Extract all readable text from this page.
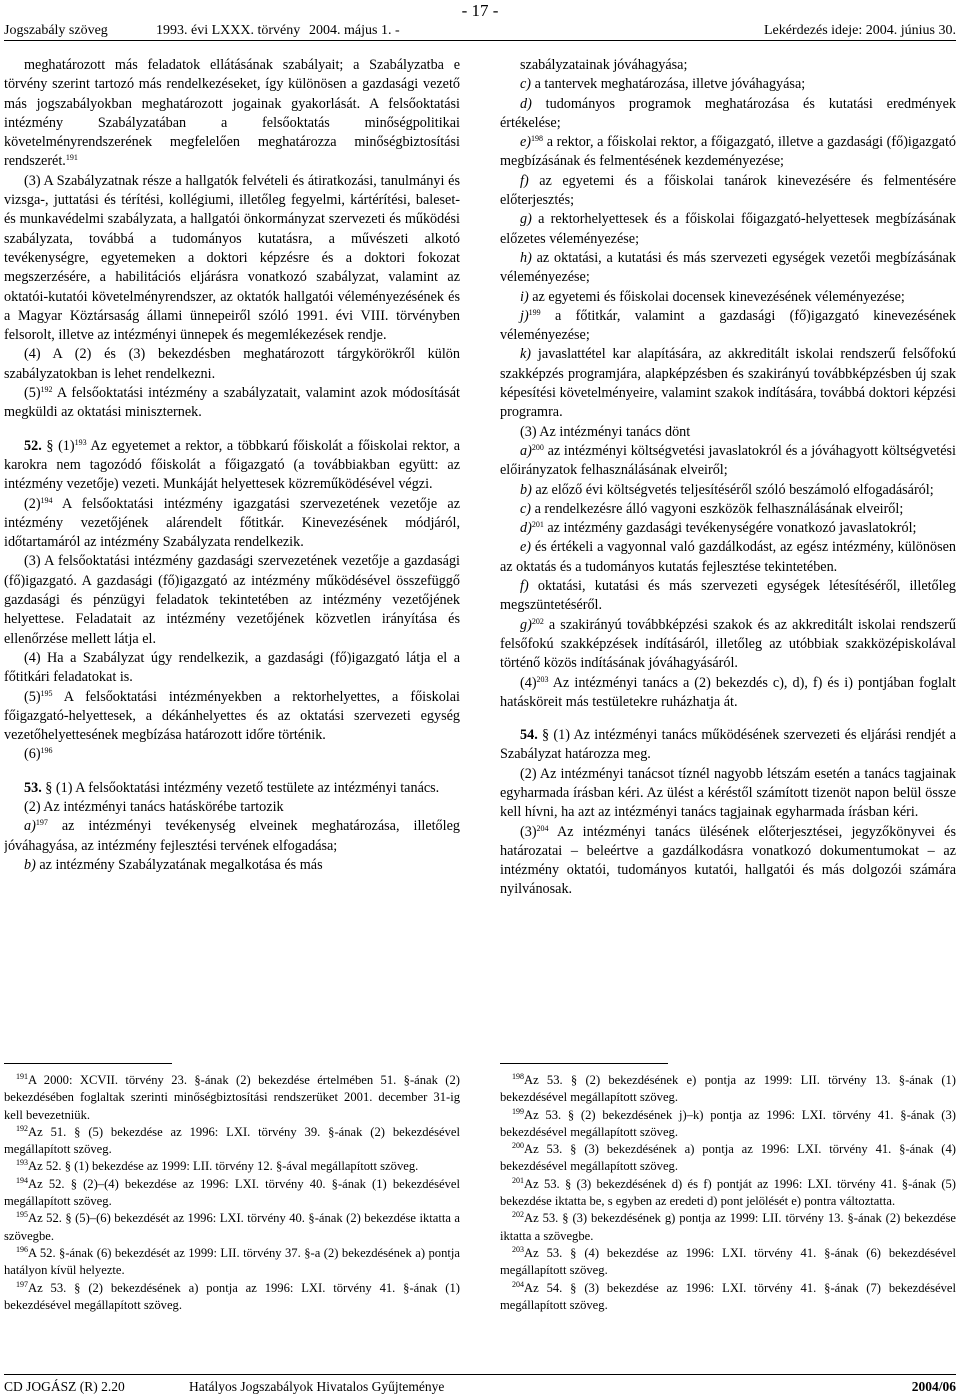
- 17 -
Jogszabály szöveg	1993. évi LXXX. törvény 2004. május 1. -	Lekérdezés ideje: 2004. június 30.

meghatározott más feladatok ellátásának szabályait; a Szabályzatba e törvény szerint tartozó más rendelkezéseket, így különösen a gazdasági vezető más jogszabályokban meghatározott jogainak gyakorlását. A felsőoktatási intézmény Szabályzatában a felsőoktatás minőségpolitikai követelményrendszerének megfelelően meghatározza minőségbiztosítási rendszerét.$^{191}$

(3) A Szabályzatnak része a hallgatók felvételi és átiratkozási, tanulmányi és vizsga-, juttatási és térítési, kollégiumi, illetőleg fegyelmi, kártérítési, baleset- és munkavédelmi szabályzata, a hallgatói önkormányzat szervezeti és működési szabályzata, továbbá a tudományos kutatásra, a művészeti alkotó tevékenységre, egyetemeken a doktori képzésre és a doktori fokozat megszerzésére, a habilitációs eljárásra vonatkozó szabályzat, valamint az oktatói-kutatói követelményrendszer, az oktatók hallgatói véleményezésének és a Magyar Köztársaság állami ünnepeiről szóló 1991. évi VIII. törvényben felsorolt, illetve az intézményi ünnepek és megemlékezések rendje.

(4) A (2) és (3) bekezdésben meghatározott tárgykörökről külön szabályzatokban is lehet rendelkezni.

$(5)^{192}$ A felsőoktatási intézmény a szabályzatait, valamint azok módosítását megküldi az oktatási miniszternek.

52. § $(1)^{193}$ Az egyetemet a rektor, a többkarú főiskolát a főiskolai rektor, a karokra nem tagozódó főiskolát a főigazgató (a továbbiakban együtt: az intézmény vezetője) vezeti. Munkáját helyettesek közreműködésével végzi.

$(2)^{194}$ A felsőoktatási intézmény igazgatási szervezetének vezetője az intézmény vezetőjének alárendelt főtitkár. Kinevezésének módjáról, időtartamáról az intézmény Szabályzata rendelkezik.

(3) A felsőoktatási intézmény gazdasági szervezetének vezetője a gazdasági (fő)igazgató. A gazdasági (fő)igazgató az intézmény működésével összefüggő gazdasági és pénzügyi feladatok tekintetében az intézmény vezetőjének helyettese. Feladatait az intézmény vezetőjének közvetlen irányítása és ellenőrzése mellett látja el.

(4) Ha a Szabályzat úgy rendelkezik, a gazdasági (fő)igazgató látja el a főtitkári feladatokat is.

$(5)^{195}$ A felsőoktatási intézményekben a rektorhelyettes, a főiskolai főigazgató-helyettesek, a dékánhelyettes és az oktatási szervezeti egység vezetőhelyettesének megbízása határozott időre történik.

$(6)^{196}$

53. § (1) A felsőoktatási intézmény vezető testülete az intézményi tanács.

(2) Az intézményi tanács hatáskörébe tartozik

a)$^{197}$ az intézményi tevékenység elveinek meghatározása, illetőleg jóváhagyása, az intézmény fejlesztési tervének elfogadása;

b) az intézmény Szabályzatának megalkotása és más

szabályzatainak jóváhagyása;

c) a tantervek meghatározása, illetve jóváhagyása;

d) tudományos programok meghatározása és kutatási eredmények értékelése;

e)$^{198}$ a rektor, a főiskolai rektor, a főigazgató, illetve a gazdasági (fő)igazgató megbízásának és felmentésének kezdeményezése;

f) az egyetemi és a főiskolai tanárok kinevezésére és felmentésére előterjesztés;

g) a rektorhelyettesek és a főiskolai főigazgató-helyettesek megbízásának előzetes véleményezése;

h) az oktatási, a kutatási és más szervezeti egységek vezetői megbízásának véleményezése;

i) az egyetemi és főiskolai docensek kinevezésének véleményezése;

j)$^{199}$ a főtitkár, valamint a gazdasági (fő)igazgató kinevezésének véleményezése;

k) javaslattétel kar alapítására, az akkreditált iskolai rendszerű felsőfokú szakképzés programjára, alapképzésben és szakirányú továbbképzésben új szak képesítési követelményeire, valamint szakok indítására, továbbá doktori képzési programra.

(3) Az intézményi tanács dönt

a)$^{200}$ az intézményi költségvetési javaslatokról és a jóváhagyott költségvetési előirányzatok felhasználásának elveiről;

b) az előző évi költségvetés teljesítéséről szóló beszámoló elfogadásáról;

c) a rendelkezésre álló vagyoni eszközök felhasználásának elveiről;

d)$^{201}$ az intézmény gazdasági tevékenységére vonatkozó javaslatokról;

e) és értékeli a vagyonnal való gazdálkodást, az egész intézmény, különösen az oktatás és a tudományos kutatás fejlesztése tekintetében.

f) oktatási, kutatási és más szervezeti egységek létesítéséről, illetőleg megszüntetéséről.

g)$^{202}$ a szakirányú továbbképzési szakok és az akkreditált iskolai rendszerű felsőfokú szakképzések indításáról, illetőleg az utóbbiak szakközépiskolával történő közös indításának jóváhagyásáról.

$(4)^{203}$ Az intézményi tanács a (2) bekezdés c), d), f) és i) pontjában foglalt hatásköreit más testületekre ruházhatja át.

54. § (1) Az intézményi tanács működésének szervezeti és eljárási rendjét a Szabályzat határozza meg.

(2) Az intézményi tanácsot tíznél nagyobb létszám esetén a tanács tagjainak egyharmada írásban kéri. Az ülést a kéréstől számított tizenöt napon belül össze kell hívni, ha azt az intézményi tanács tagjainak egyharmada írásban kéri.

$(3)^{204}$ Az intézményi tanács ülésének előterjesztései, jegyzőkönyvei és határozatai – beleértve a gazdálkodásra vonatkozó dokumentumokat – az intézmény oktatói, tudományos kutatói, hallgatói és más dolgozói számára nyilvánosak.

$^{191}$A 2000: XCVII. törvény 23. §-ának (2) bekezdése értelmében 51. §-ának (2) bekezdésében foglaltak szerinti minőségbiztosítási rendszerüket 2001. december 31-ig kell bevezetniük.

$^{192}$Az 51. § (5) bekezdése az 1996: LXI. törvény 39. §-ának (2) bekezdésével megállapított szöveg.

$^{193}$Az 52. § (1) bekezdése az 1999: LII. törvény 12. §-ával megállapított szöveg.

$^{194}$Az 52. § (2)–(4) bekezdése az 1996: LXI. törvény 40. §-ának (1) bekezdésével megállapított szöveg.

$^{195}$Az 52. § (5)–(6) bekezdését az 1996: LXI. törvény 40. §-ának (2) bekezdése iktatta a szövegbe.

$^{196}$A 52. §-ának (6) bekezdését az 1999: LII. törvény 37. §-a (2) bekezdésének a) pontja hatályon kívül helyezte.

$^{197}$Az 53. § (2) bekezdésének a) pontja az 1996: LXI. törvény 41. §-ának (1) bekezdésével megállapított szöveg.

$^{198}$Az 53. § (2) bekezdésének e) pontja az 1999: LII. törvény 13. §-ának (1) bekezdésével megállapított szöveg.

$^{199}$Az 53. § (2) bekezdésének j)–k) pontja az 1996: LXI. törvény 41. §-ának (3) bekezdésével megállapított szöveg.

$^{200}$Az 53. § (3) bekezdésének a) pontja az 1996: LXI. törvény 41. §-ának (4) bekezdésével megállapított szöveg.

$^{201}$Az 53. § (3) bekezdésének d) és f) pontját az 1996: LXI. törvény 41. §-ának (5) bekezdése iktatta be, s egyben az eredeti d) pont jelölését e) pontra változtatta.

$^{202}$Az 53. § (3) bekezdésének g) pontja az 1999: LII. törvény 13. §-ának (2) bekezdése iktatta a szövegbe.

$^{203}$Az 53. § (4) bekezdése az 1996: LXI. törvény 41. §-ának (6) bekezdésével megállapított szöveg.

$^{204}$Az 54. § (3) bekezdése az 1996: LXI. törvény 41. §-ának (7) bekezdésével megállapított szöveg.

CD JOGÁSZ (R) 2.20	Hatályos Jogszabályok Hivatalos Gyűjteménye	2004/06
